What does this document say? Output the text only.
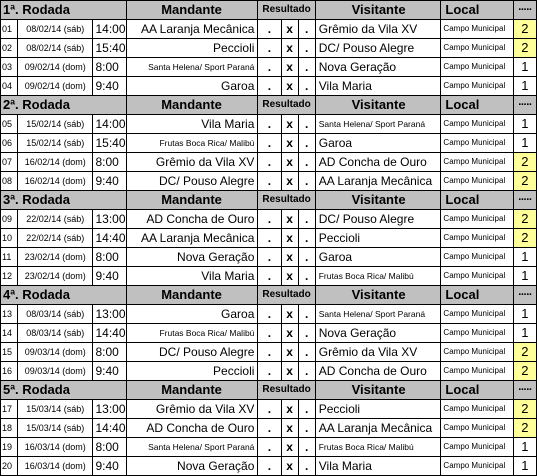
1ª. Rodada			Mandante	Resultado			Visitante	Local	·····
01	08/02/14 (sáb)	14:00	AA Laranja Mecânica	.	x	.	Grêmio da Vila XV	Campo Municipal	2
02	08/02/14 (sáb)	15:40	Peccioli	.	x	.	DC/ Pouso Alegre	Campo Municipal	2
03	09/02/14 (dom)	8:00	Santa Helena/ Sport Paraná	.	x	.	Nova Geração	Campo Municipal	1
04	09/02/14 (dom)	9:40	Garoa	.	x	.	Vila Maria	Campo Municipal	1
2ª. Rodada			Mandante	Resultado			Visitante	Local	·····
05	15/02/14 (sáb)	14:00	Vila Maria	.	x	.	Santa Helena/ Sport Paraná	Campo Municipal	1
06	15/02/14 (sáb)	15:40	Frutas Boca Rica/ Malibú	.	x	.	Garoa	Campo Municipal	1
07	16/02/14 (dom)	8:00	Grêmio da Vila XV	.	x	.	AD Concha de Ouro	Campo Municipal	2
08	16/02/14 (dom)	9:40	DC/ Pouso Alegre	.	x	.	AA Laranja Mecânica	Campo Municipal	2
3ª. Rodada			Mandante	Resultado			Visitante	Local	·····
09	22/02/14 (sáb)	13:00	AD Concha de Ouro	.	x	.	DC/ Pouso Alegre	Campo Municipal	2
10	22/02/14 (sáb)	14:40	AA Laranja Mecânica	.	x	.	Peccioli	Campo Municipal	2
11	23/02/14 (dom)	8:00	Nova Geração	.	x	.	Garoa	Campo Municipal	1
12	23/02/14 (dom)	9:40	Vila Maria	.	x	.	Frutas Boca Rica/ Malibú	Campo Municipal	1
4ª. Rodada			Mandante	Resultado			Visitante	Local	·····
13	08/03/14 (sáb)	13:00	Garoa	.	x	.	Santa Helena/ Sport Paraná	Campo Municipal	1
14	08/03/14 (sáb)	14:40	Frutas Boca Rica/ Malibú	.	x	.	Nova Geração	Campo Municipal	1
15	09/03/14 (dom)	8:00	DC/ Pouso Alegre	.	x	.	Grêmio da Vila XV	Campo Municipal	2
16	09/03/14 (dom)	9:40	Peccioli	.	x	.	AD Concha de Ouro	Campo Municipal	2
5ª. Rodada			Mandante	Resultado			Visitante	Local	·····
17	15/03/14 (sáb)	13:00	Grêmio da Vila XV	.	x	.	Peccioli	Campo Municipal	2
18	15/03/14 (sáb)	14:40	AD Concha de Ouro	.	x	.	AA Laranja Mecânica	Campo Municipal	2
19	16/03/14 (dom)	8:00	Santa Helena/ Sport Paraná	.	x	.	Frutas Boca Rica/ Malibú	Campo Municipal	1
20	16/03/14 (dom)	9:40	Nova Geração	.	x	.	Vila Maria	Campo Municipal	1
